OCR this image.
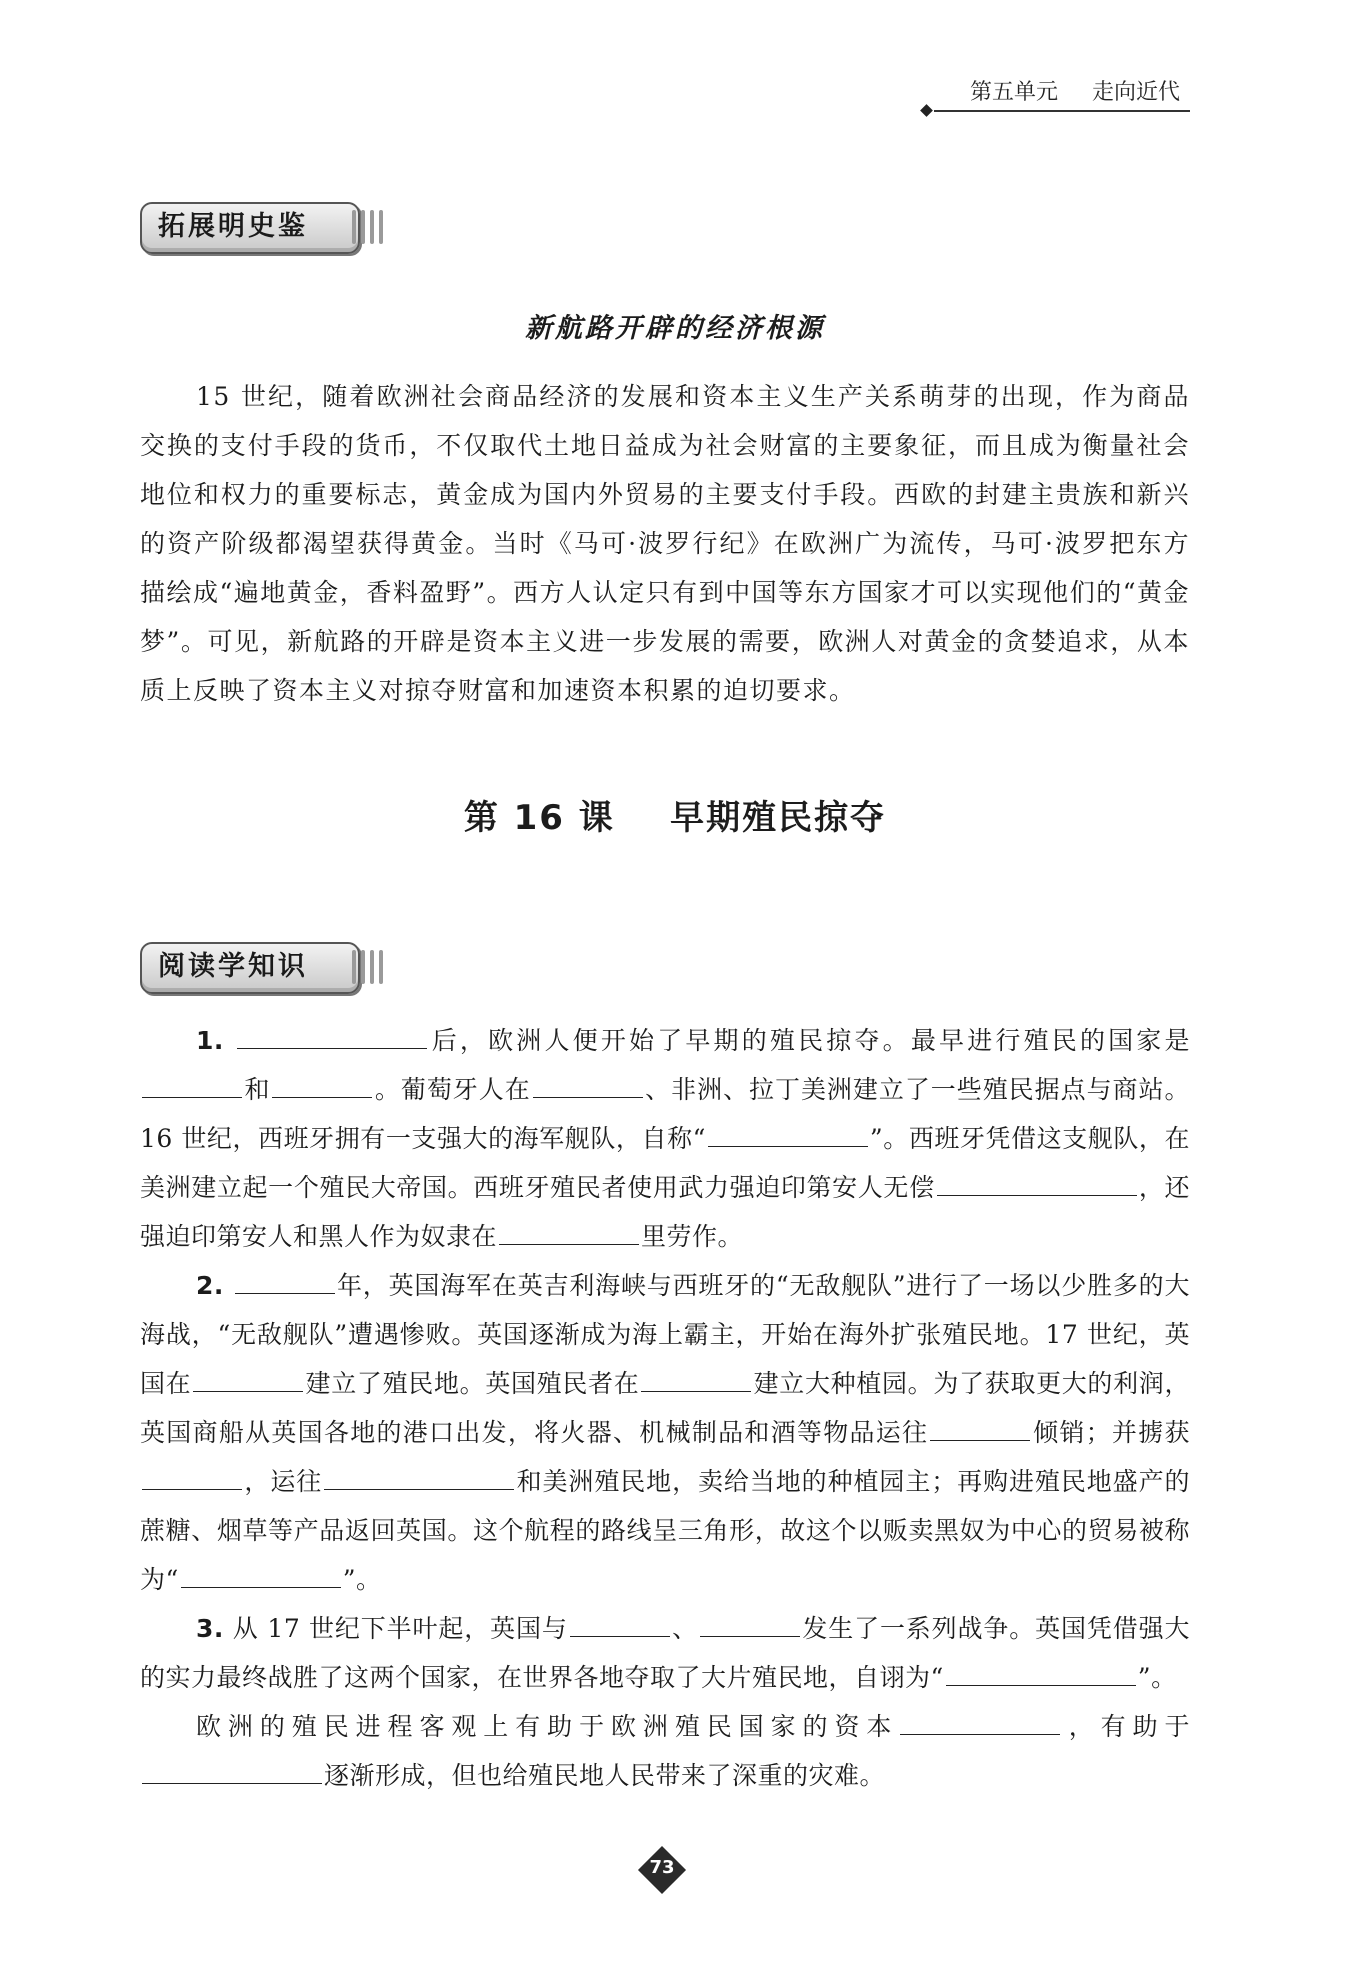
第五单元 走向近代
拓展明史鉴
新航路开辟的经济根源

15 世纪，随着欧洲社会商品经济的发展和资本主义生产关系萌芽的出现，作为商品交换的支付手段的货币，不仅取代土地日益成为社会财富的主要象征，而且成为衡量社会地位和权力的重要标志，黄金成为国内外贸易的主要支付手段。西欧的封建主贵族和新兴的资产阶级都渴望获得黄金。当时《马可·波罗行纪》在欧洲广为流传，马可·波罗把东方描绘成“遍地黄金，香料盈野”。西方人认定只有到中国等东方国家才可以实现他们的“黄金梦”。可见，新航路的开辟是资本主义进一步发展的需要，欧洲人对黄金的贪婪追求，从本质上反映了资本主义对掠夺财富和加速资本积累的迫切要求。

第 16 课 早期殖民掠夺
阅读学知识

1.	后，欧洲人便开始了早期的殖民掠夺。最早进行殖民的国家是和	。葡萄牙人在	、非洲、拉丁美洲建立了一些殖民据点与商站。16 世纪，西班牙拥有一支强大的海军舰队，自称“	”。西班牙凭借这支舰队，在美洲建立起一个殖民大帝国。西班牙殖民者使用武力强迫印第安人无偿	，还强迫印第安人和黑人作为奴隶在	里劳作。

2.	年，英国海军在英吉利海峡与西班牙的“无敌舰队”进行了一场以少胜多的大海战，“无敌舰队”遭遇惨败。英国逐渐成为海上霸主，开始在海外扩张殖民地。17 世纪，英国在	建立了殖民地。英国殖民者在	建立大种植园。为了获取更大的利润，英国商船从英国各地的港口出发，将火器、机械制品和酒等物品运往	倾销；并掳获，运往	和美洲殖民地，卖给当地的种植园主；再购进殖民地盛产的蔗糖、烟草等产品返回英国。这个航程的路线呈三角形，故这个以贩卖黑奴为中心的贸易被称为“	”。

3. 从 17 世纪下半叶起，英国与	、	发生了一系列战争。英国凭借强大的实力最终战胜了这两个国家，在世界各地夺取了大片殖民地，自诩为“	”。

欧洲的殖民进程客观上有助于欧洲殖民国家的资本	，有助于逐渐形成，但也给殖民地人民带来了深重的灾难。

73
